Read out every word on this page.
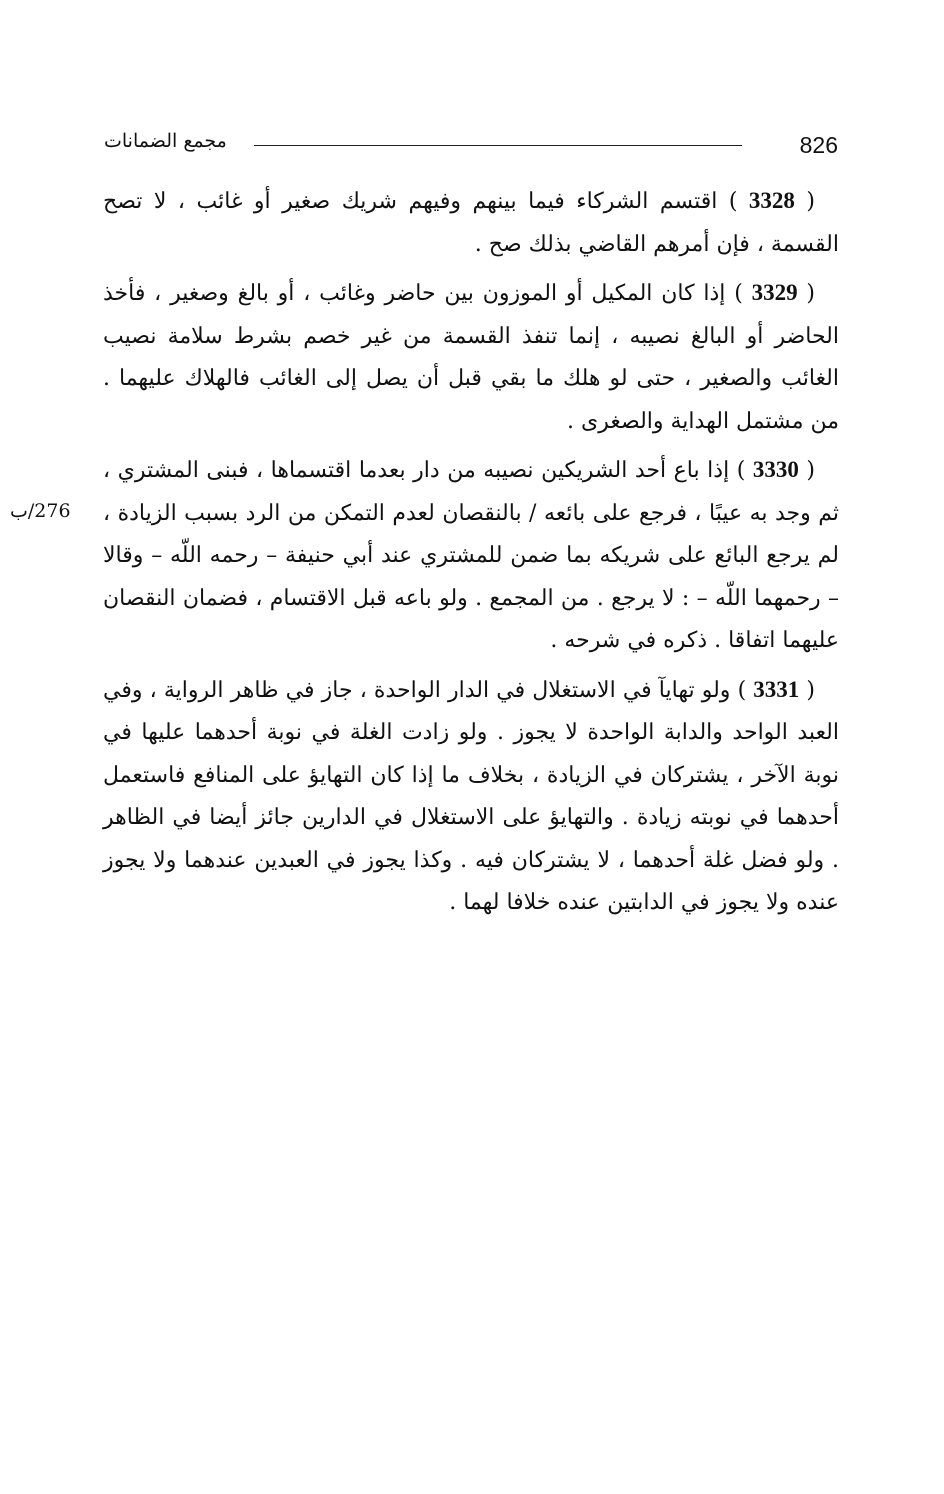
826
مجمع الضمانات
276/ب

( 3328 ) اقتسم الشركاء فيما بينهم وفيهم شريك صغير أو غائب ، لا تصح القسمة ، فإن أمرهم القاضي بذلك صح .

( 3329 ) إذا كان المكيل أو الموزون بين حاضر وغائب ، أو بالغ وصغير ، فأخذ الحاضر أو البالغ نصيبه ، إنما تنفذ القسمة من غير خصم بشرط سلامة نصيب الغائب والصغير ، حتى لو هلك ما بقي قبل أن يصل إلى الغائب فالهلاك عليهما . من مشتمل الهداية والصغرى .

( 3330 ) إذا باع أحد الشريكين نصيبه من دار بعدما اقتسماها ، فبنى المشتري ، ثم وجد به عيبًا ، فرجع على بائعه / بالنقصان لعدم التمكن من الرد بسبب الزيادة ، لم يرجع البائع على شريكه بما ضمن للمشتري عند أبي حنيفة – رحمه اللّه – وقالا – رحمهما اللّه – : لا يرجع . من المجمع . ولو باعه قبل الاقتسام ، فضمان النقصان عليهما اتفاقا . ذكره في شرحه .

( 3331 ) ولو تهايآ في الاستغلال في الدار الواحدة ، جاز في ظاهر الرواية ، وفي العبد الواحد والدابة الواحدة لا يجوز . ولو زادت الغلة في نوبة أحدهما عليها في نوبة الآخر ، يشتركان في الزيادة ، بخلاف ما إذا كان التهايؤ على المنافع فاستعمل أحدهما في نوبته زيادة . والتهايؤ على الاستغلال في الدارين جائز أيضا في الظاهر . ولو فضل غلة أحدهما ، لا يشتركان فيه . وكذا يجوز في العبدين عندهما ولا يجوز عنده ولا يجوز في الدابتين عنده خلافا لهما .
